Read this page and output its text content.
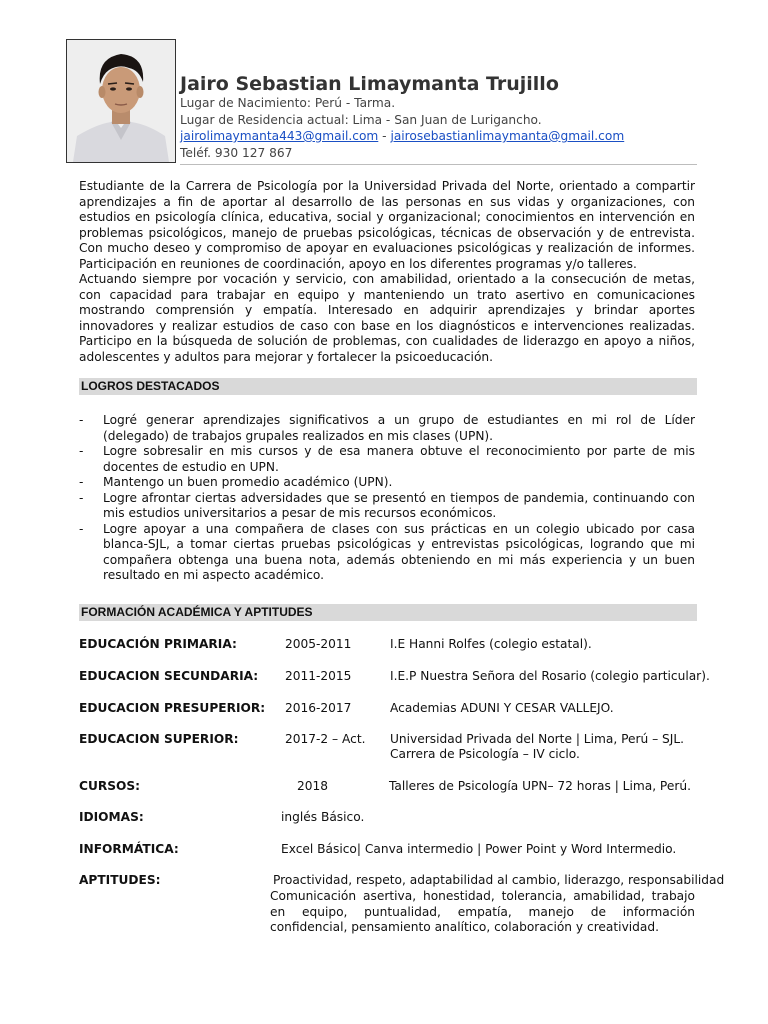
Jairo Sebastian Limaymanta Trujillo
Lugar de Nacimiento: Perú - Tarma.
Lugar de Residencia actual: Lima - San Juan de Lurigancho.
jairolimaymanta443@gmail.com - jairosebastianlimaymanta@gmail.com
Teléf. 930 127 867
Estudiante de la Carrera de Psicología por la Universidad Privada del Norte, orientado a compartir aprendizajes a fin de aportar al desarrollo de las personas en sus vidas y organizaciones, con estudios en psicología clínica, educativa, social y organizacional; conocimientos en intervención en problemas psicológicos, manejo de pruebas psicológicas, técnicas de observación y de entrevista. Con mucho deseo y compromiso de apoyar en evaluaciones psicológicas y realización de informes. Participación en reuniones de coordinación, apoyo en los diferentes programas y/o talleres.
Actuando siempre por vocación y servicio, con amabilidad, orientado a la consecución de metas, con capacidad para trabajar en equipo y manteniendo un trato asertivo en comunicaciones mostrando comprensión y empatía. Interesado en adquirir aprendizajes y brindar aportes innovadores y realizar estudios de caso con base en los diagnósticos e intervenciones realizadas. Participo en la búsqueda de solución de problemas, con cualidades de liderazgo en apoyo a niños, adolescentes y adultos para mejorar y fortalecer la psicoeducación.
LOGROS DESTACADOS
- Logré generar aprendizajes significativos a un grupo de estudiantes en mi rol de Líder (delegado) de trabajos grupales realizados en mis clases (UPN).
- Logre sobresalir en mis cursos y de esa manera obtuve el reconocimiento por parte de mis docentes de estudio en UPN.
- Mantengo un buen promedio académico (UPN).
- Logre afrontar ciertas adversidades que se presentó en tiempos de pandemia, continuando con mis estudios universitarios a pesar de mis recursos económicos.
- Logre apoyar a una compañera de clases con sus prácticas en un colegio ubicado por casa blanca-SJL, a tomar ciertas pruebas psicológicas y entrevistas psicológicas, logrando que mi compañera obtenga una buena nota, además obteniendo en mi más experiencia y un buen resultado en mi aspecto académico.
FORMACIÓN ACADÉMICA Y APTITUDES
EDUCACIÓN PRIMARIA:	2005-2011	I.E Hanni Rolfes (colegio estatal).
EDUCACION SECUNDARIA: 2011-2015	I.E.P Nuestra Señora del Rosario (colegio particular).
EDUCACION PRESUPERIOR: 2016-2017	Academias ADUNI Y CESAR VALLEJO.
EDUCACION SUPERIOR:	2017-2 – Act. Universidad Privada del Norte | Lima, Perú – SJL.
Carrera de Psicología – IV ciclo.
CURSOS:	2018	Talleres de Psicología UPN– 72 horas | Lima, Perú.
IDIOMAS:	inglés Básico.
INFORMÁTICA:	Excel Básico| Canva intermedio | Power Point y Word Intermedio.
APTITUDES:	Proactividad, respeto, adaptabilidad al cambio, liderazgo, responsabilidad
Comunicación asertiva, honestidad, tolerancia, amabilidad, trabajo en equipo, puntualidad, empatía, manejo de información confidencial, pensamiento analítico, colaboración y creatividad.
